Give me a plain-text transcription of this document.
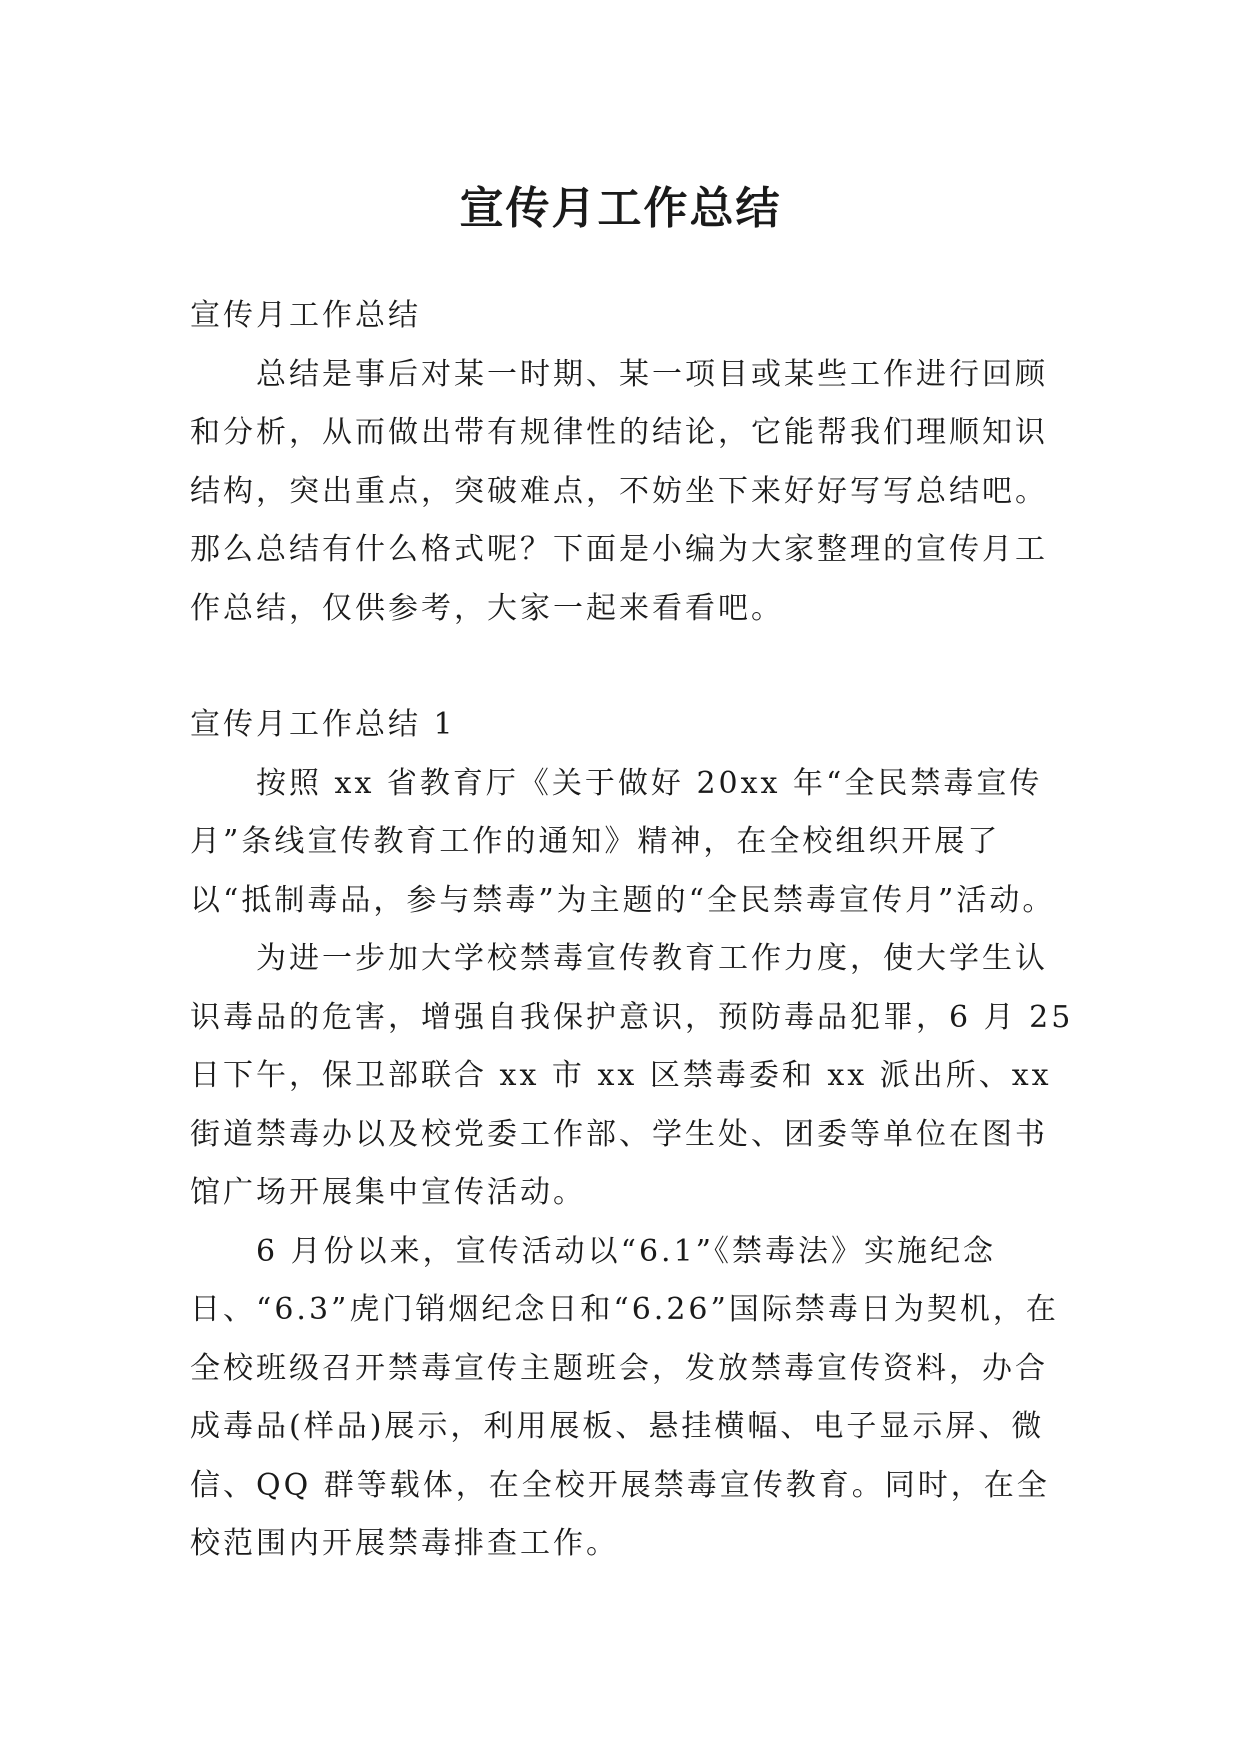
宣传月工作总结

宣传月工作总结

总结是事后对某一时期、某一项目或某些工作进行回顾和分析，从而做出带有规律性的结论，它能帮我们理顺知识结构，突出重点，突破难点，不妨坐下来好好写写总结吧。那么总结有什么格式呢？下面是小编为大家整理的宣传月工作总结，仅供参考，大家一起来看看吧。

宣传月工作总结 1

按照 xx 省教育厅《关于做好 20xx 年“全民禁毒宣传月”条线宣传教育工作的通知》精神，在全校组织开展了以“抵制毒品，参与禁毒”为主题的“全民禁毒宣传月”活动。

为进一步加大学校禁毒宣传教育工作力度，使大学生认识毒品的危害，增强自我保护意识，预防毒品犯罪，6 月 25 日下午，保卫部联合 xx 市 xx 区禁毒委和 xx 派出所、xx 街道禁毒办以及校党委工作部、学生处、团委等单位在图书馆广场开展集中宣传活动。

6 月份以来，宣传活动以“6.1”《禁毒法》实施纪念日、“6.3”虎门销烟纪念日和“6.26”国际禁毒日为契机，在全校班级召开禁毒宣传主题班会，发放禁毒宣传资料，办合成毒品(样品)展示，利用展板、悬挂横幅、电子显示屏、微信、QQ 群等载体，在全校开展禁毒宣传教育。同时，在全校范围内开展禁毒排查工作。
